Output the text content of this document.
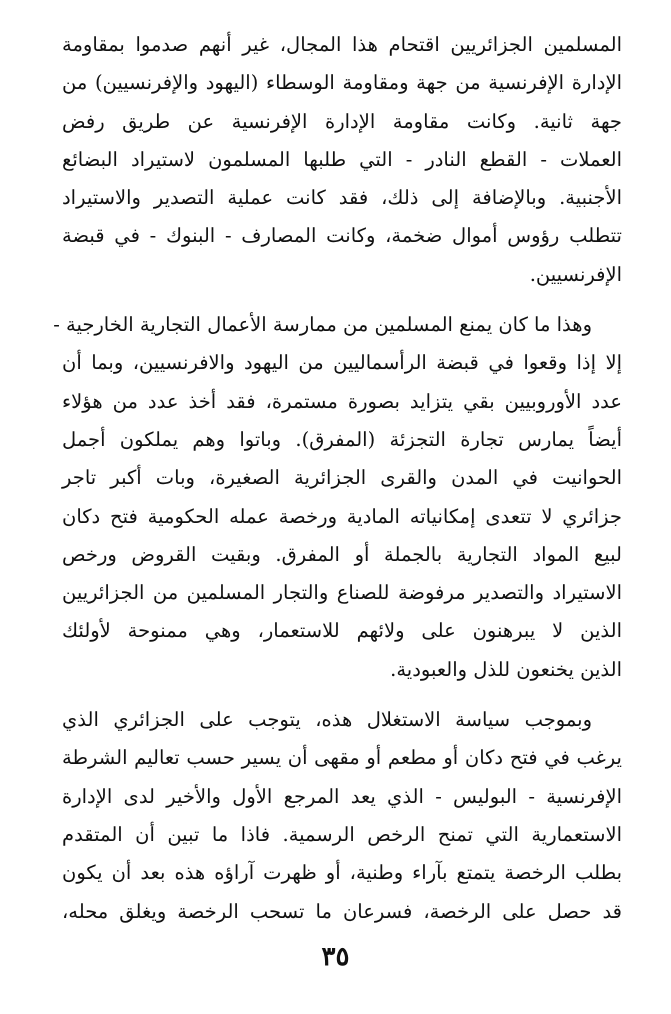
المسلمين الجزائريين اقتحام هذا المجال، غير أنهم صدموا بمقاومة
الإدارة الإفرنسية من جهة ومقاومة الوسطاء (اليهود والإفرنسيين) من
جهة ثانية. وكانت مقاومة الإدارة الإفرنسية عن طريق رفض
العملات - القطع النادر - التي طلبها المسلمون لاستيراد البضائع
الأجنبية. وبالإضافة إلى ذلك، فقد كانت عملية التصدير والاستيراد
تتطلب رؤوس أموال ضخمة، وكانت المصارف - البنوك - في قبضة
الإفرنسيين.
وهذا ما كان يمنع المسلمين من ممارسة الأعمال التجارية الخارجية -
إلا إذا وقعوا في قبضة الرأسماليين من اليهود والافرنسيين، وبما أن
عدد الأوروبيين بقي يتزايد بصورة مستمرة، فقد أخذ عدد من هؤلاء
أيضاً يمارس تجارة التجزئة (المفرق). وباتوا وهم يملكون أجمل
الحوانيت في المدن والقرى الجزائرية الصغيرة، وبات أكبر تاجر
جزائري لا تتعدى إمكانياته المادية ورخصة عمله الحكومية فتح دكان
لبيع المواد التجارية بالجملة أو المفرق. وبقيت القروض ورخص
الاستيراد والتصدير مرفوضة للصناع والتجار المسلمين من الجزائريين
الذين لا يبرهنون على ولائهم للاستعمار، وهي ممنوحة لأولئك
الذين يخنعون للذل والعبودية.
وبموجب سياسة الاستغلال هذه، يتوجب على الجزائري الذي
يرغب في فتح دكان أو مطعم أو مقهى أن يسير حسب تعاليم الشرطة
الإفرنسية - البوليس - الذي يعد المرجع الأول والأخير لدى الإدارة
الاستعمارية التي تمنح الرخص الرسمية. فاذا ما تبين أن المتقدم
بطلب الرخصة يتمتع بآراء وطنية، أو ظهرت آراؤه هذه بعد أن يكون
قد حصل على الرخصة، فسرعان ما تسحب الرخصة ويغلق محله،
٣٥
